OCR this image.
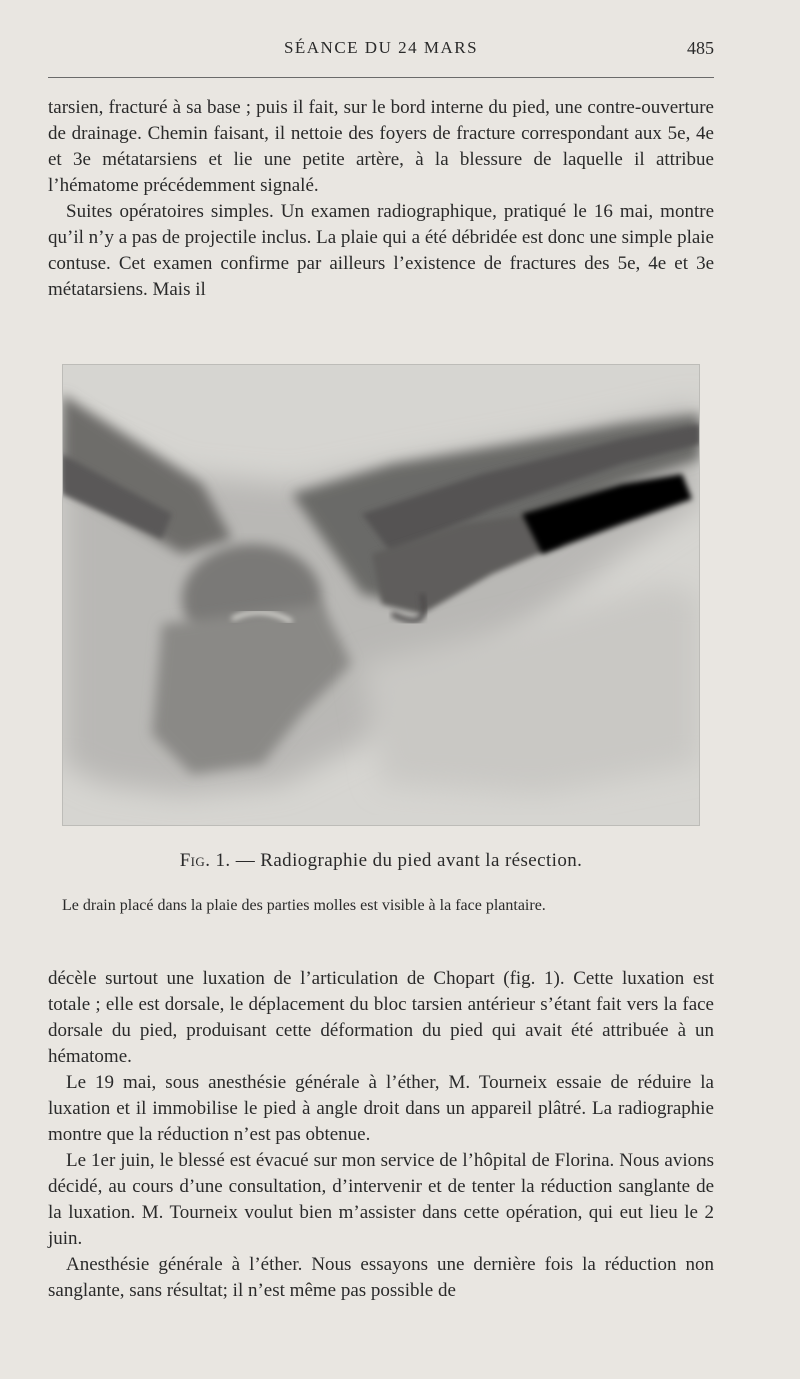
SÉANCE DU 24 MARS	485

tarsien, fracturé à sa base ; puis il fait, sur le bord interne du pied, une contre-ouverture de drainage. Chemin faisant, il nettoie des foyers de fracture correspondant aux 5e, 4e et 3e métatarsiens et lie une petite artère, à la blessure de laquelle il attribue l’hématome précédemment signalé.

Suites opératoires simples. Un examen radiographique, pratiqué le 16 mai, montre qu’il n’y a pas de projectile inclus. La plaie qui a été débridée est donc une simple plaie contuse. Cet examen confirme par ailleurs l’existence de fractures des 5e, 4e et 3e métatarsiens. Mais il

Fig. 1. — Radiographie du pied avant la résection.
Le drain placé dans la plaie des parties molles est visible à la face plantaire.

décèle surtout une luxation de l’articulation de Chopart (fig. 1). Cette luxation est totale ; elle est dorsale, le déplacement du bloc tarsien antérieur s’étant fait vers la face dorsale du pied, produisant cette déformation du pied qui avait été attribuée à un hématome.

Le 19 mai, sous anesthésie générale à l’éther, M. Tourneix essaie de réduire la luxation et il immobilise le pied à angle droit dans un appareil plâtré. La radiographie montre que la réduction n’est pas obtenue.

Le 1er juin, le blessé est évacué sur mon service de l’hôpital de Florina. Nous avions décidé, au cours d’une consultation, d’intervenir et de tenter la réduction sanglante de la luxation. M. Tourneix voulut bien m’assister dans cette opération, qui eut lieu le 2 juin.

Anesthésie générale à l’éther. Nous essayons une dernière fois la réduction non sanglante, sans résultat; il n’est même pas possible de
